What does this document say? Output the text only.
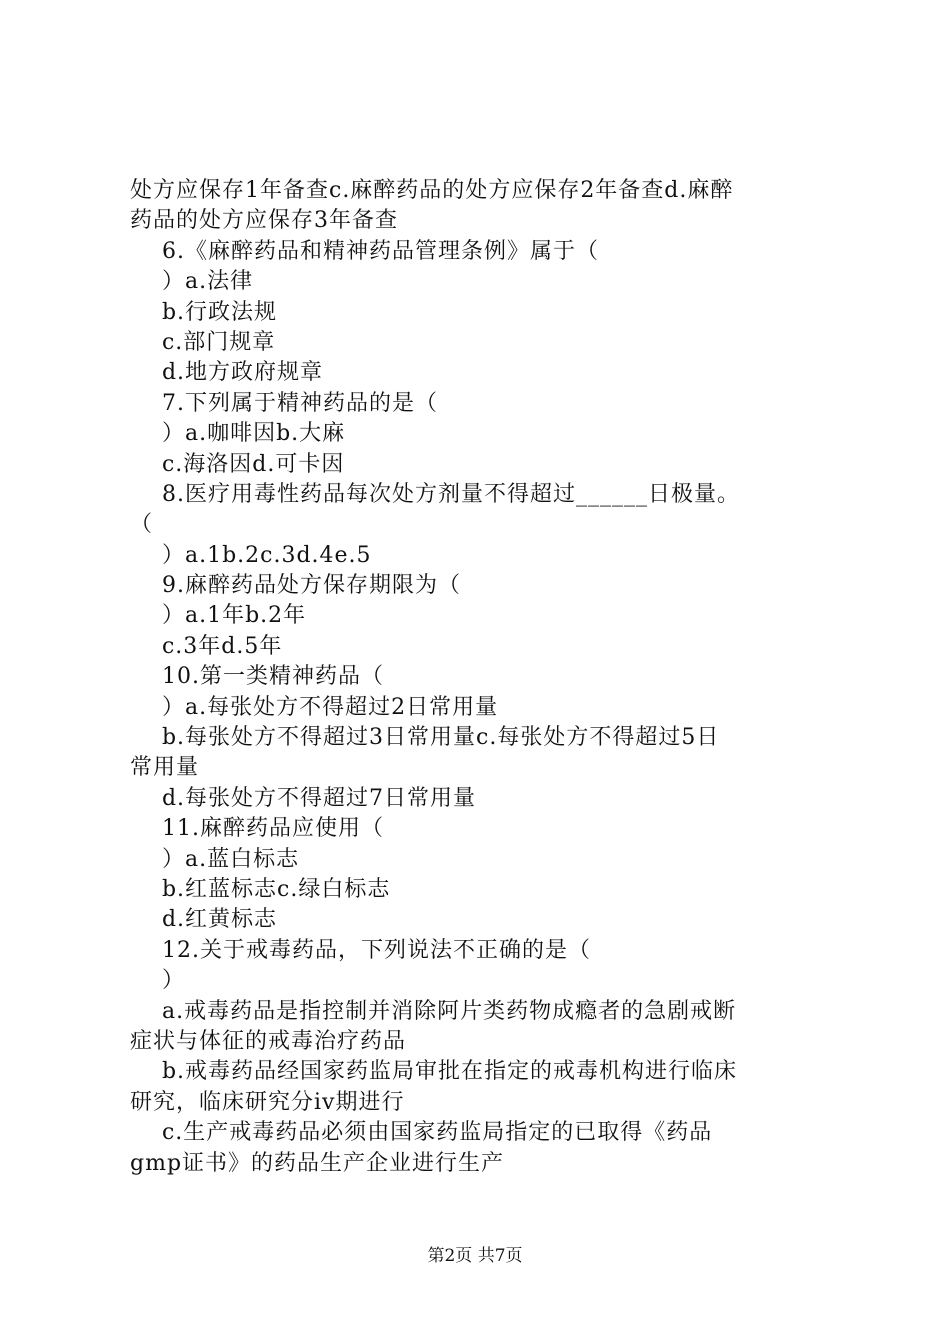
处方应保存1年备查c.麻醉药品的处方应保存2年备查d.麻醉
药品的处方应保存3年备查
6.《麻醉药品和精神药品管理条例》属于（
）a.法律
b.行政法规
c.部门规章
d.地方政府规章
7.下列属于精神药品的是（
）a.咖啡因b.大麻
c.海洛因d.可卡因
8.医疗用毒性药品每次处方剂量不得超过______日极量。
（
）a.1b.2c.3d.4e.5
9.麻醉药品处方保存期限为（
）a.1年b.2年
c.3年d.5年
10.第一类精神药品（
）a.每张处方不得超过2日常用量
b.每张处方不得超过3日常用量c.每张处方不得超过5日
常用量
d.每张处方不得超过7日常用量
11.麻醉药品应使用（
）a.蓝白标志
b.红蓝标志c.绿白标志
d.红黄标志
12.关于戒毒药品，下列说法不正确的是（
）
a.戒毒药品是指控制并消除阿片类药物成瘾者的急剧戒断
症状与体征的戒毒治疗药品
b.戒毒药品经国家药监局审批在指定的戒毒机构进行临床
研究，临床研究分iv期进行
c.生产戒毒药品必须由国家药监局指定的已取得《药品
gmp证书》的药品生产企业进行生产
第2页 共7页
